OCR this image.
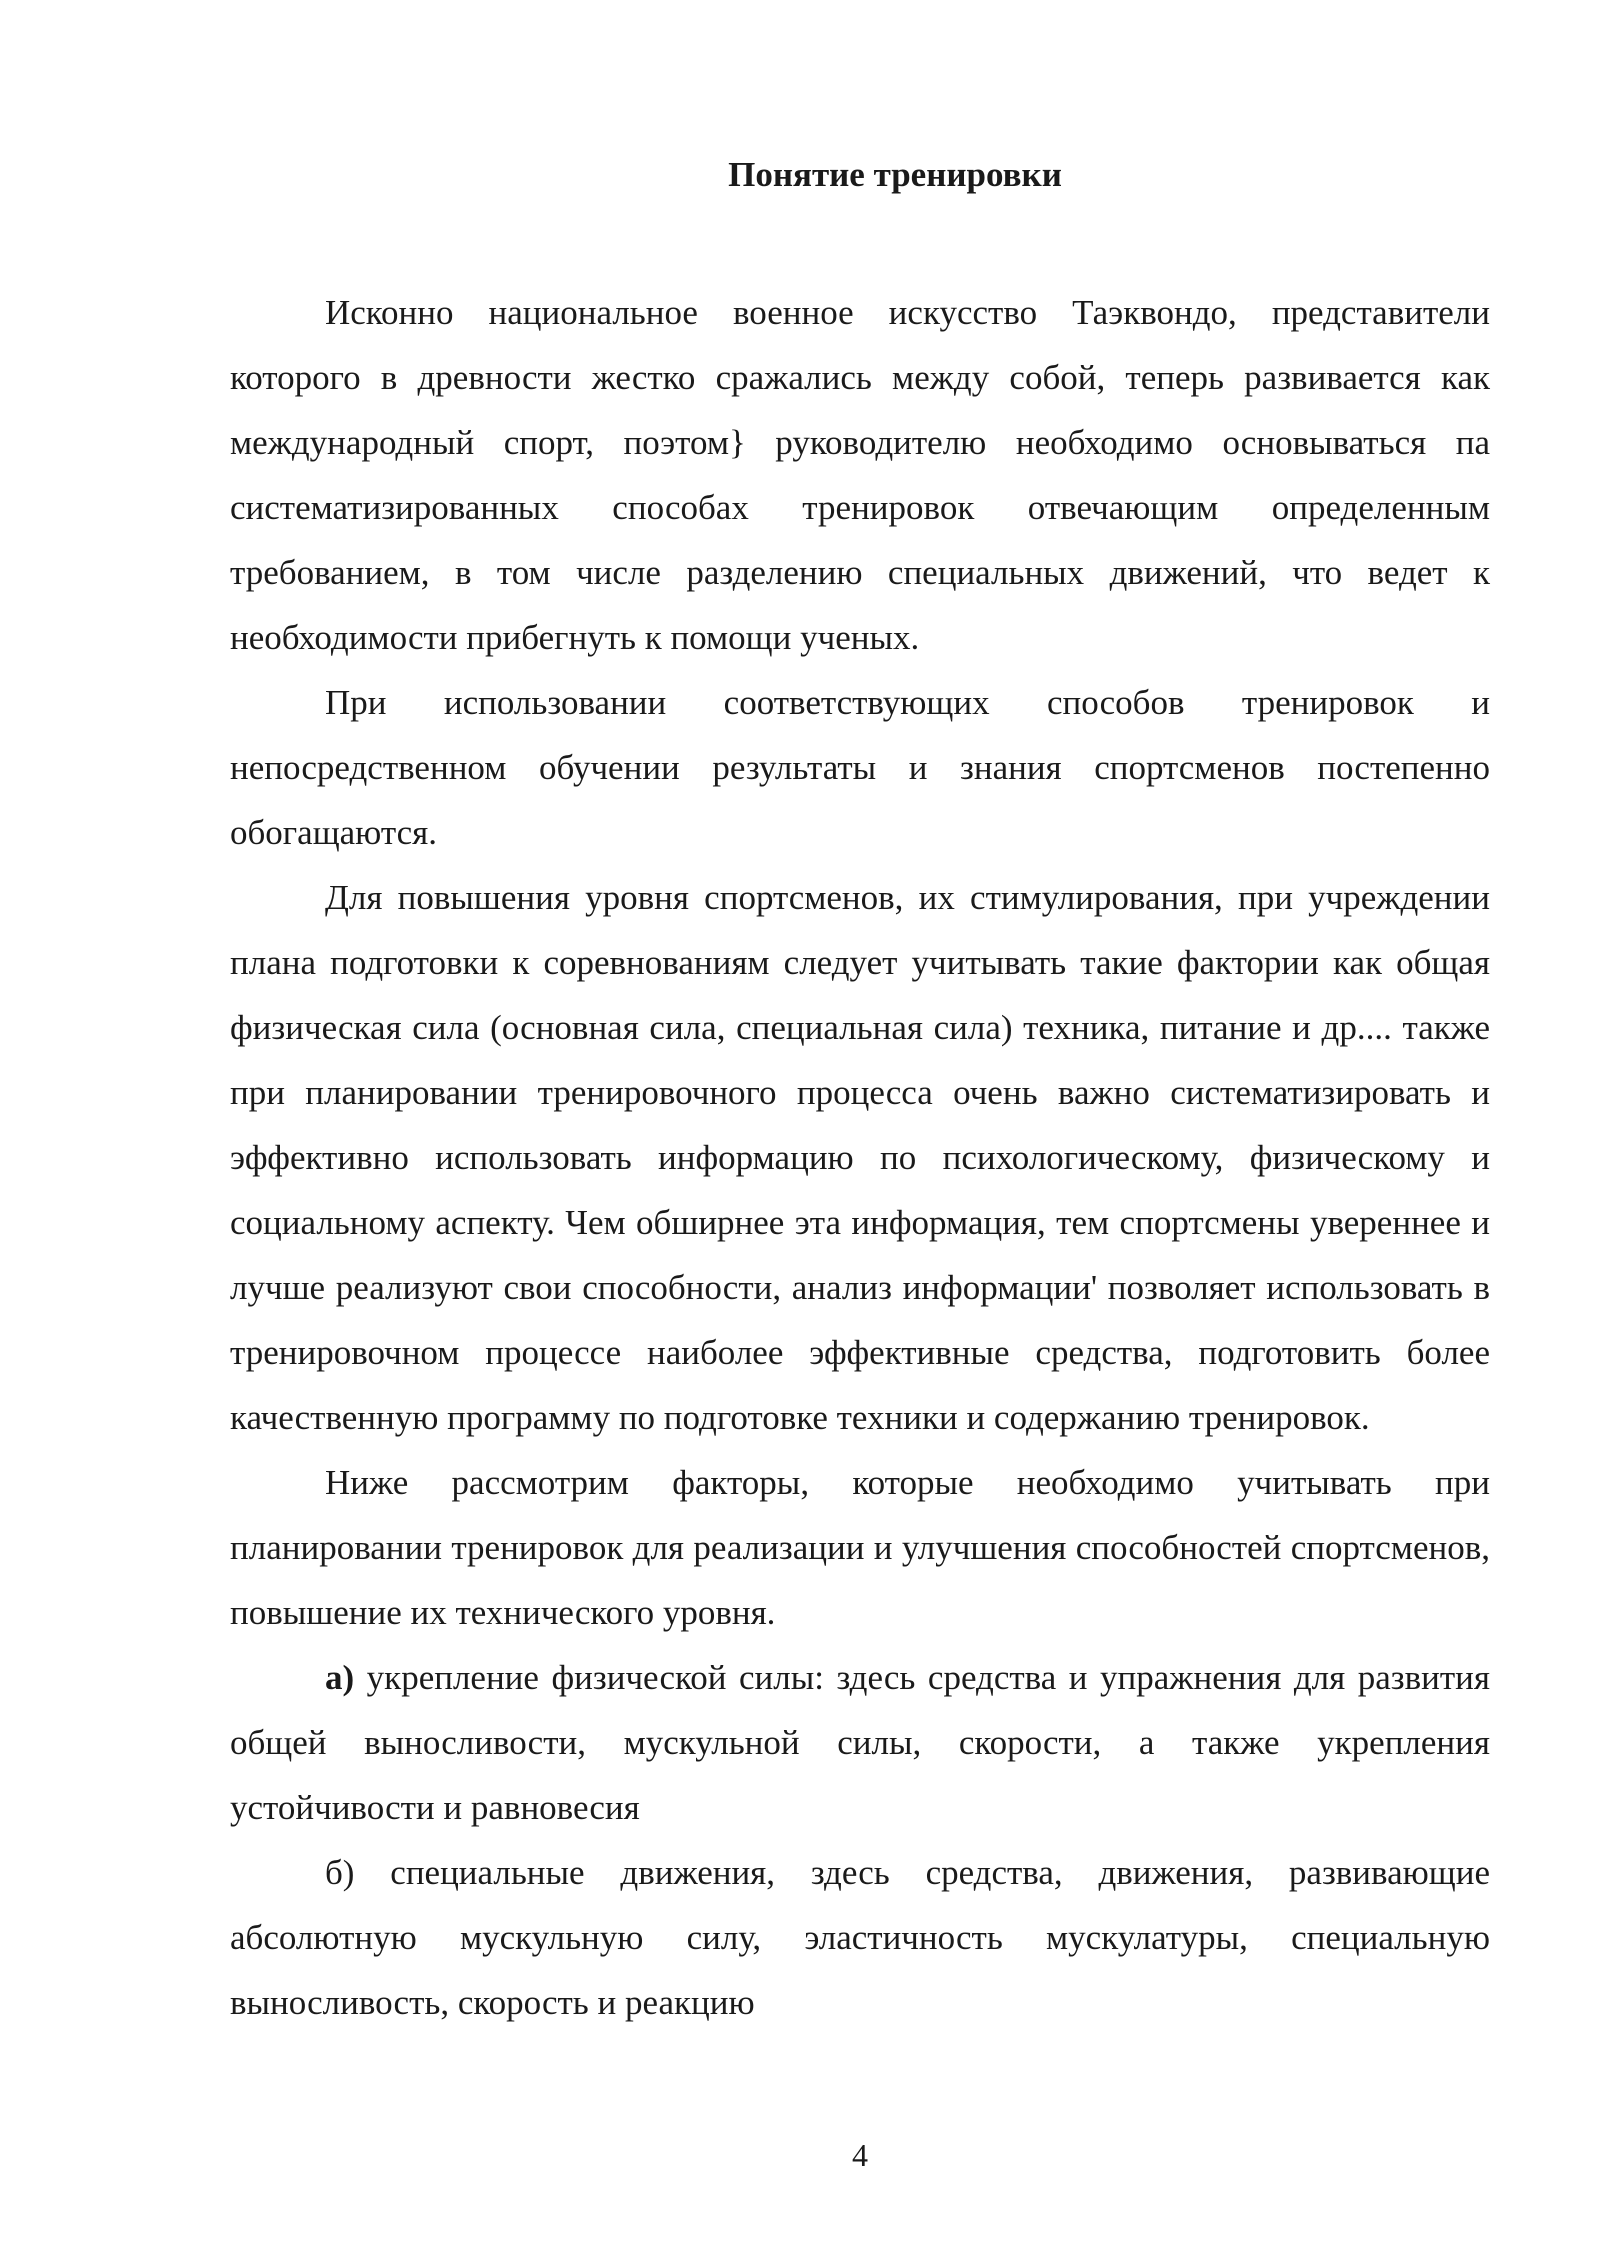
Понятие тренировки

Исконно национальное военное искусство Таэквондо, представители которого в древности жестко сражались между собой, теперь развивается как международный спорт, поэтом} руководителю необходимо основываться па систематизированных способах тренировок отвечающим определенным требованием, в том числе разделению специальных движений, что ведет к необходимости прибегнуть к помощи ученых.

При использовании соответствующих способов тренировок и непосредственном обучении результаты и знания спортсменов постепенно обогащаются.

Для повышения уровня спортсменов, их стимулирования, при учреждении плана подготовки к соревнованиям следует учитывать такие фактории как общая физическая сила (основная сила, специальная сила) техника, питание и др.... также при планировании тренировочного процесса очень важно систематизировать и эффективно использовать информацию по психологическому, физическому и социальному аспекту. Чем обширнее эта информация, тем спортсмены увереннее и лучше реализуют свои способности, анализ информации' позволяет использовать в тренировочном процессе наиболее эффективные средства, подготовить более качественную программу по подготовке техники и содержанию тренировок.

Ниже рассмотрим факторы, которые необходимо учитывать при планировании тренировок для реализации и улучшения способностей спортсменов, повышение их технического уровня.

а) укрепление физической силы: здесь средства и упражнения для развития общей выносливости, мускульной силы, скорости, а также укрепления устойчивости и равновесия

б) специальные движения, здесь средства, движения, развивающие абсолютную мускульную силу, эластичность мускулатуры, специальную выносливость, скорость и реакцию

4
